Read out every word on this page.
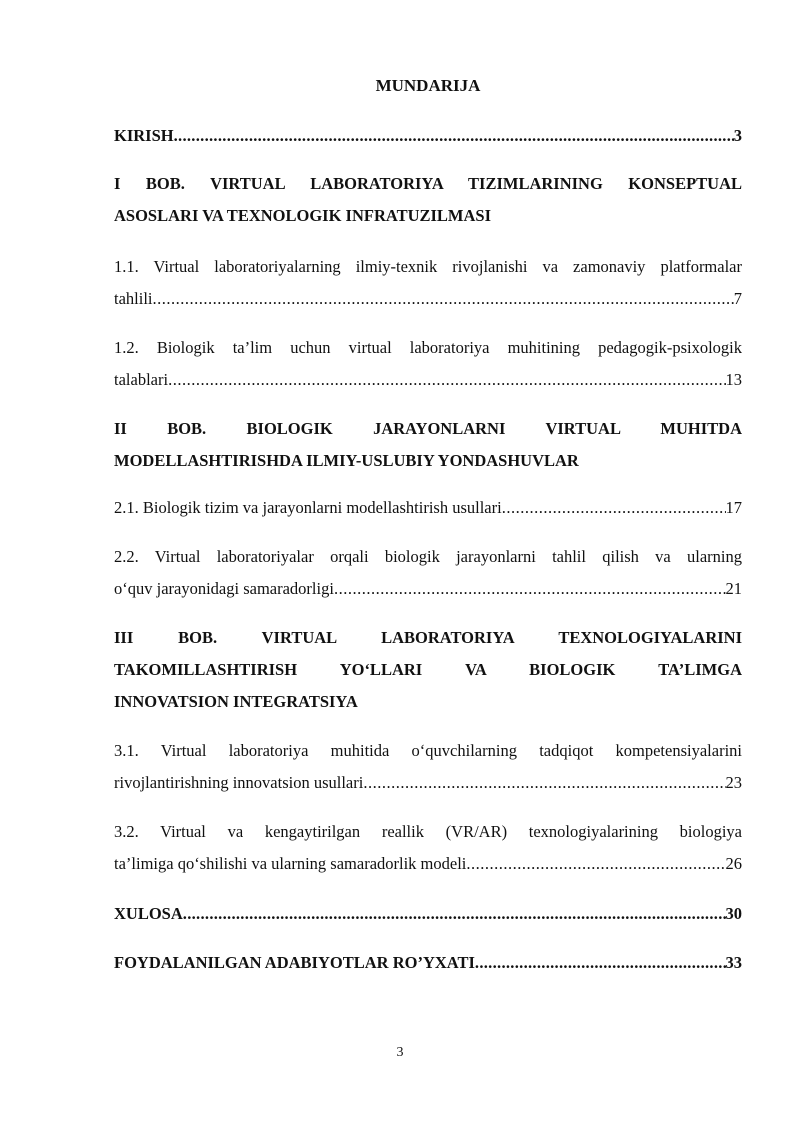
MUNDARIJA
KIRISH .....	3
I BOB. VIRTUAL LABORATORIYA TIZIMLARINING KONSEPTUAL
ASOSLARI VA TEXNOLOGIK INFRATUZILMASI
1.1. Virtual laboratoriyalarning ilmiy-texnik rivojlanishi va zamonaviy platformalar
tahlili .....	7
1.2. Biologik ta’lim uchun virtual laboratoriya muhitining pedagogik-psixologik
talablari .....	13
II BOB. BIOLOGIK JARAYONLARNI VIRTUAL MUHITDA
MODELLASHTIRISHDA ILMIY-USLUBIY YONDASHUVLAR
2.1. Biologik tizim va jarayonlarni modellashtirish usullari .....	17
2.2. Virtual laboratoriyalar orqali biologik jarayonlarni tahlil qilish va ularning
o‘quv jarayonidagi samaradorligi .....	21
III BOB. VIRTUAL LABORATORIYA TEXNOLOGIYALARINI
TAKOMILLASHTIRISH YO‘LLARI VA BIOLOGIK TA’LIMGA
INNOVATSION INTEGRATSIYA
3.1. Virtual laboratoriya muhitida o‘quvchilarning tadqiqot kompetensiyalarini
rivojlantirishning innovatsion usullari .....	23
3.2. Virtual va kengaytirilgan reallik (VR/AR) texnologiyalarining biologiya
ta’limiga qo‘shilishi va ularning samaradorlik modeli .....	26
XULOSA .....	30
FOYDALANILGAN ADABIYOTLAR RO’YXATI .....	33
3
